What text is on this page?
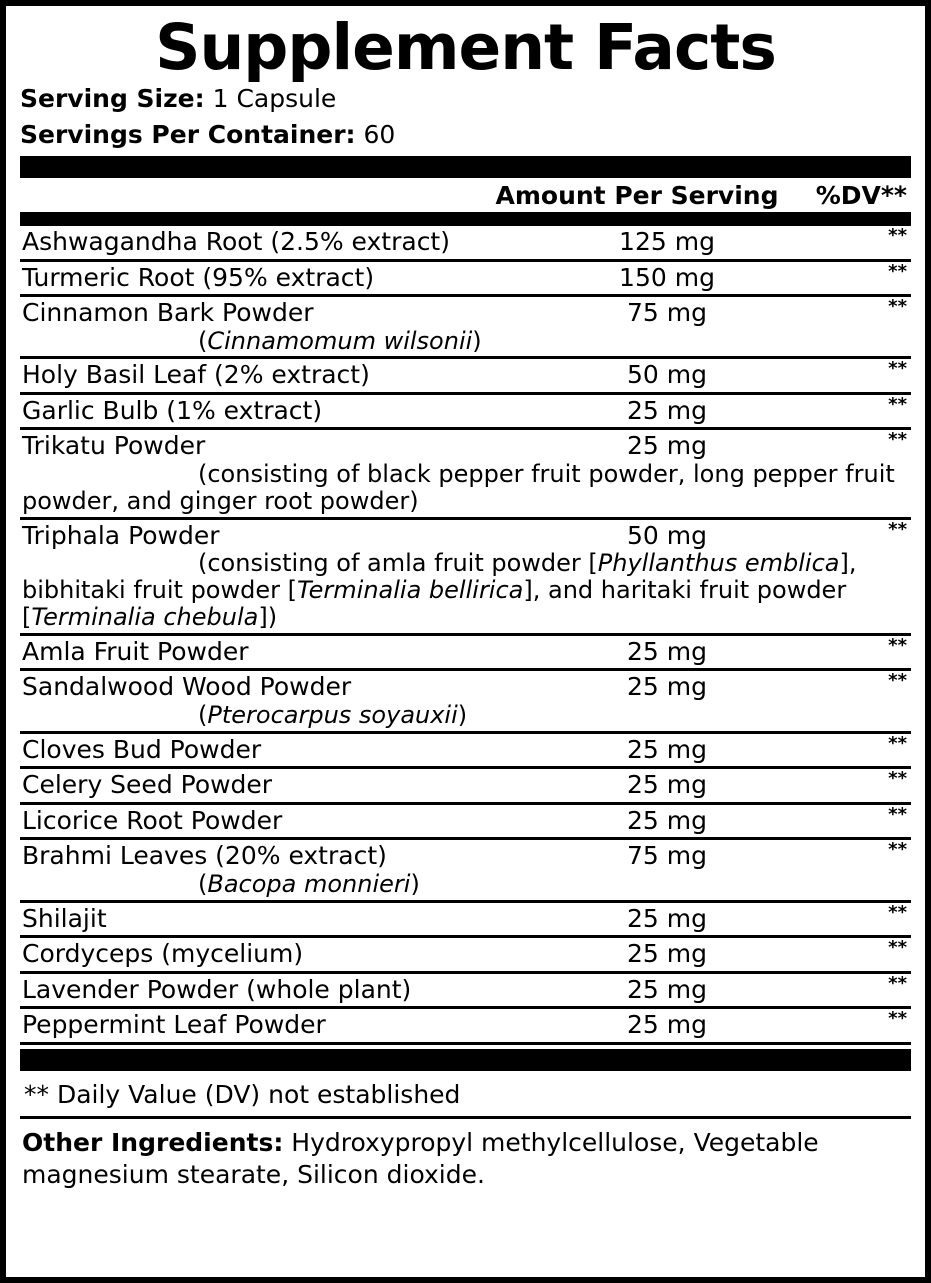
Supplement Facts
Serving Size: 1 Capsule
Servings Per Container: 60
Amount Per Serving	%DV**
Ashwagandha Root (2.5% extract)	125 mg	**
Turmeric Root (95% extract)	150 mg	**
Cinnamon Bark Powder	75 mg	**
(Cinnamomum wilsonii)
Holy Basil Leaf (2% extract)	50 mg	**
Garlic Bulb (1% extract)	25 mg	**
Trikatu Powder	25 mg	**
(consisting of black pepper fruit powder, long pepper fruit powder, and ginger root powder)
Triphala Powder	50 mg	**
(consisting of amla fruit powder [Phyllanthus emblica], bibhitaki fruit powder [Terminalia bellirica], and haritaki fruit powder [Terminalia chebula])
Amla Fruit Powder	25 mg	**
Sandalwood Wood Powder	25 mg	**
(Pterocarpus soyauxii)
Cloves Bud Powder	25 mg	**
Celery Seed Powder	25 mg	**
Licorice Root Powder	25 mg	**
Brahmi Leaves (20% extract)	75 mg	**
(Bacopa monnieri)
Shilajit	25 mg	**
Cordyceps (mycelium)	25 mg	**
Lavender Powder (whole plant)	25 mg	**
Peppermint Leaf Powder	25 mg	**
** Daily Value (DV) not established
Other Ingredients: Hydroxypropyl methylcellulose, Vegetable magnesium stearate, Silicon dioxide.
